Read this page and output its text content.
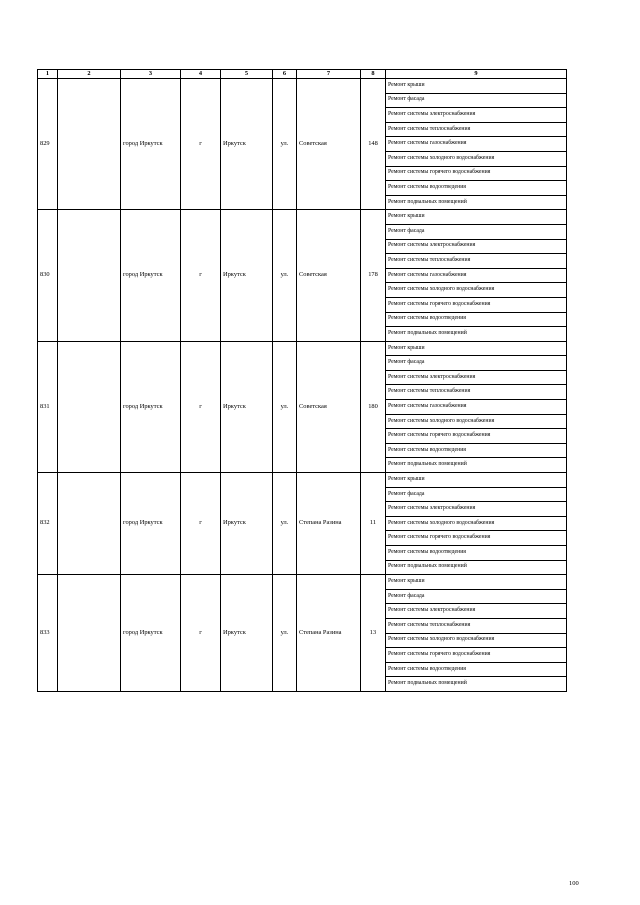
1	2	3	4	5	6	7	8	9
829		город Иркутск	г	Иркутск	ул.	Советская	148	Ремонт крыши
								Ремонт фасада
								Ремонт системы электроснабжения
								Ремонт системы теплоснабжения
								Ремонт системы газоснабжения
								Ремонт системы холодного водоснабжения
								Ремонт системы горячего водоснабжения
								Ремонт системы водоотведения
								Ремонт подвальных помещений
830		город Иркутск	г	Иркутск	ул.	Советская	178	Ремонт крыши
								Ремонт фасада
								Ремонт системы электроснабжения
								Ремонт системы теплоснабжения
								Ремонт системы газоснабжения
								Ремонт системы холодного водоснабжения
								Ремонт системы горячего водоснабжения
								Ремонт системы водоотведения
								Ремонт подвальных помещений
831		город Иркутск	г	Иркутск	ул.	Советская	180	Ремонт крыши
								Ремонт фасада
								Ремонт системы электроснабжения
								Ремонт системы теплоснабжения
								Ремонт системы газоснабжения
								Ремонт системы холодного водоснабжения
								Ремонт системы горячего водоснабжения
								Ремонт системы водоотведения
								Ремонт подвальных помещений
832		город Иркутск	г	Иркутск	ул.	Степана Разина	11	Ремонт крыши
								Ремонт фасада
								Ремонт системы электроснабжения
								Ремонт системы холодного водоснабжения
								Ремонт системы горячего водоснабжения
								Ремонт системы водоотведения
								Ремонт подвальных помещений
833		город Иркутск	г	Иркутск	ул.	Степана Разина	13	Ремонт крыши
								Ремонт фасада
								Ремонт системы электроснабжения
								Ремонт системы теплоснабжения
								Ремонт системы холодного водоснабжения
								Ремонт системы горячего водоснабжения
								Ремонт системы водоотведения
								Ремонт подвальных помещений
100
